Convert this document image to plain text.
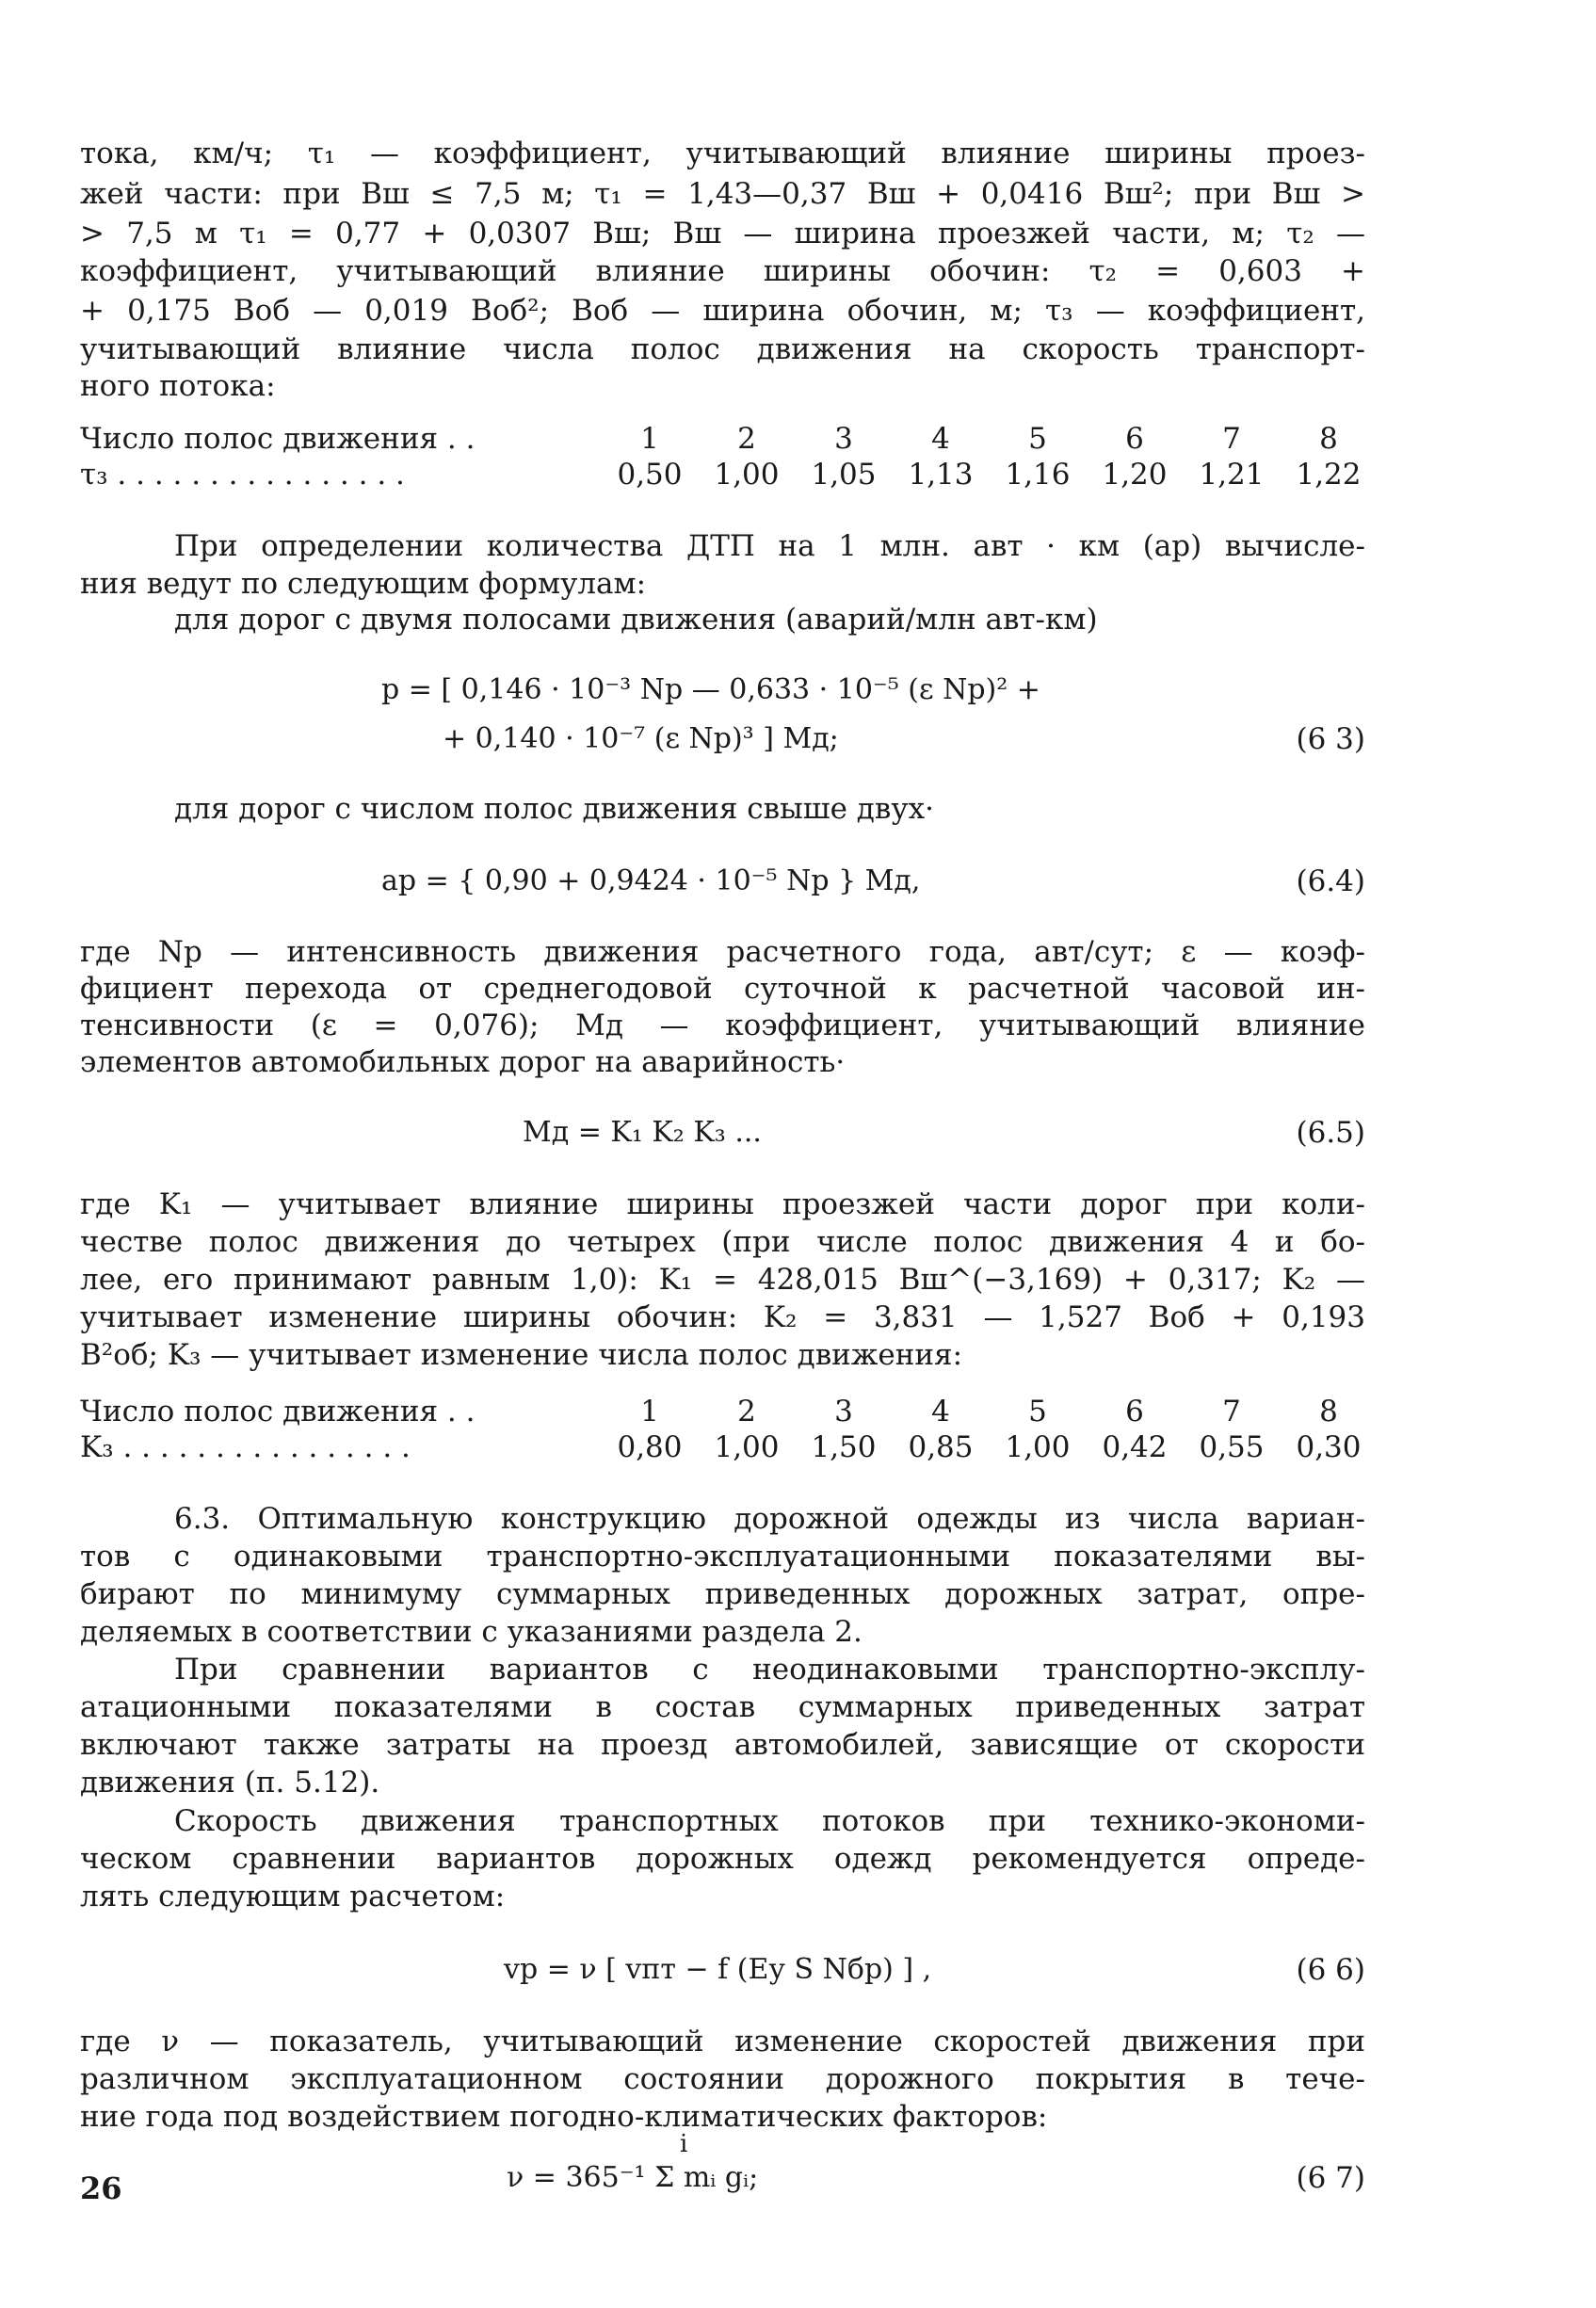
тока, км/ч; τ₁ — коэффициент, учитывающий влияние ширины проез-
жей части: при Bш ≤ 7,5 м; τ₁ = 1,43—0,37 Bш + 0,0416 Bш²; при Bш >
> 7,5 м τ₁ = 0,77 + 0,0307 Bш; Bш — ширина проезжей части, м; τ₂ —
коэффициент, учитывающий влияние ширины обочин: τ₂ = 0,603 +
+ 0,175 Bоб — 0,019 Bоб²; Bоб — ширина обочин, м; τ₃ — коэффициент,
учитывающий влияние числа полос движения на скорость транспорт-
ного потока:
Число полос движения . .	1	2	3	4	5	6	7	8
τ₃ . . . . . . . . . . . . . . . .	0,50	1,00	1,05	1,13	1,16	1,20	1,21	1,22
При определении количества ДТП на 1 млн. авт · км (aр) вычисле-
ния ведут по следующим формулам:
для дорог с двумя полосами движения (аварий/млн авт-км)
p = [ 0,146 · 10⁻³ Nр — 0,633 · 10⁻⁵ (ε Nр)² +
+ 0,140 · 10⁻⁷ (ε Nр)³ ] Mд;	(6 3)
для дорог с числом полос движения свыше двух·
aр = { 0,90 + 0,9424 · 10⁻⁵ Nр } Mд,	(6.4)
где Nр — интенсивность движения расчетного года, авт/сут; ε — коэф-
фициент перехода от среднегодовой суточной к расчетной часовой ин-
тенсивности (ε = 0,076); Mд — коэффициент, учитывающий влияние
элементов автомобильных дорог на аварийность·
Mд = K₁ K₂ K₃ ...	(6.5)
где K₁ — учитывает влияние ширины проезжей части дорог при коли-
честве полос движения до четырех (при числе полос движения 4 и бо-
лее, его принимают равным 1,0): K₁ = 428,015 Bш^(−3,169) + 0,317; K₂ —
учитывает изменение ширины обочин: K₂ = 3,831 — 1,527 Bоб + 0,193
B²об; K₃ — учитывает изменение числа полос движения:
Число полос движения . .	1	2	3	4	5	6	7	8
K₃ . . . . . . . . . . . . . . . .	0,80	1,00	1,50	0,85	1,00	0,42	0,55	0,30
6.3. Оптимальную конструкцию дорожной одежды из числа вариан-
тов с одинаковыми транспортно-эксплуатационными показателями вы-
бирают по минимуму суммарных приведенных дорожных затрат, опре-
деляемых в соответствии с указаниями раздела 2.
При сравнении вариантов с неодинаковыми транспортно-эксплу-
атационными показателями в состав суммарных приведенных затрат
включают также затраты на проезд автомобилей, зависящие от скорости
движения (п. 5.12).
Скорость движения транспортных потоков при технико-экономи-
ческом сравнении вариантов дорожных одежд рекомендуется опреде-
лять следующим расчетом:
vр = ν [ vпт − f (Eу S Nбр) ] ,	(6 6)
где ν — показатель, учитывающий изменение скоростей движения при
различном эксплуатационном состоянии дорожного покрытия в тече-
ние года под воздействием погодно-климатических факторов:
i
ν = 365⁻¹ Σ mᵢ gᵢ;	(6 7)
26
